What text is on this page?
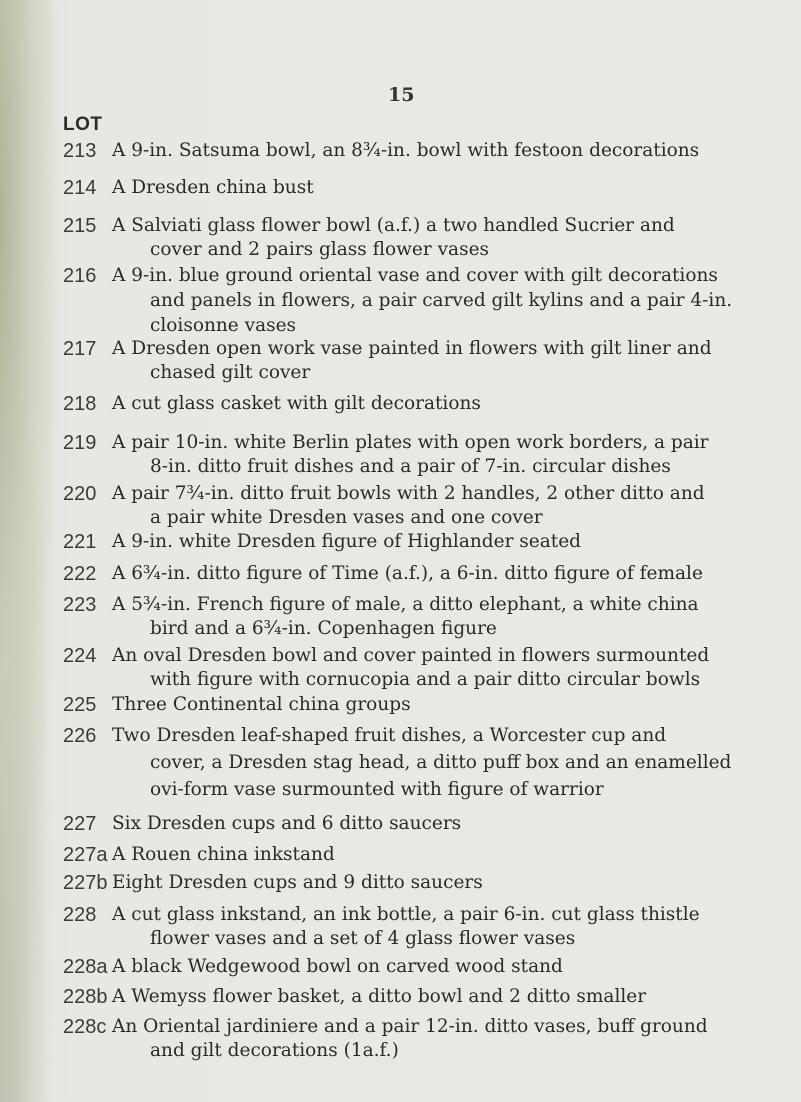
15
LOT
213 A 9-in. Satsuma bowl, an 8¾-in. bowl with festoon decorations
214 A Dresden china bust
215 A Salviati glass flower bowl (a.f.) a two handled Sucrier and
cover and 2 pairs glass flower vases
216 A 9-in. blue ground oriental vase and cover with gilt decorations
and panels in flowers, a pair carved gilt kylins and a pair 4-in.
cloisonne vases
217 A Dresden open work vase painted in flowers with gilt liner and
chased gilt cover
218 A cut glass casket with gilt decorations
219 A pair 10-in. white Berlin plates with open work borders, a pair
8-in. ditto fruit dishes and a pair of 7-in. circular dishes
220 A pair 7¾-in. ditto fruit bowls with 2 handles, 2 other ditto and
a pair white Dresden vases and one cover
221 A 9-in. white Dresden figure of Highlander seated
222 A 6¾-in. ditto figure of Time (a.f.), a 6-in. ditto figure of female
223 A 5¾-in. French figure of male, a ditto elephant, a white china
bird and a 6¾-in. Copenhagen figure
224 An oval Dresden bowl and cover painted in flowers surmounted
with figure with cornucopia and a pair ditto circular bowls
225 Three Continental china groups
226 Two Dresden leaf-shaped fruit dishes, a Worcester cup and
cover, a Dresden stag head, a ditto puff box and an enamelled
ovi-form vase surmounted with figure of warrior
227 Six Dresden cups and 6 ditto saucers
227a A Rouen china inkstand
227b Eight Dresden cups and 9 ditto saucers
228 A cut glass inkstand, an ink bottle, a pair 6-in. cut glass thistle
flower vases and a set of 4 glass flower vases
228a A black Wedgewood bowl on carved wood stand
228b A Wemyss flower basket, a ditto bowl and 2 ditto smaller
228c An Oriental jardiniere and a pair 12-in. ditto vases, buff ground
and gilt decorations (1a.f.)
